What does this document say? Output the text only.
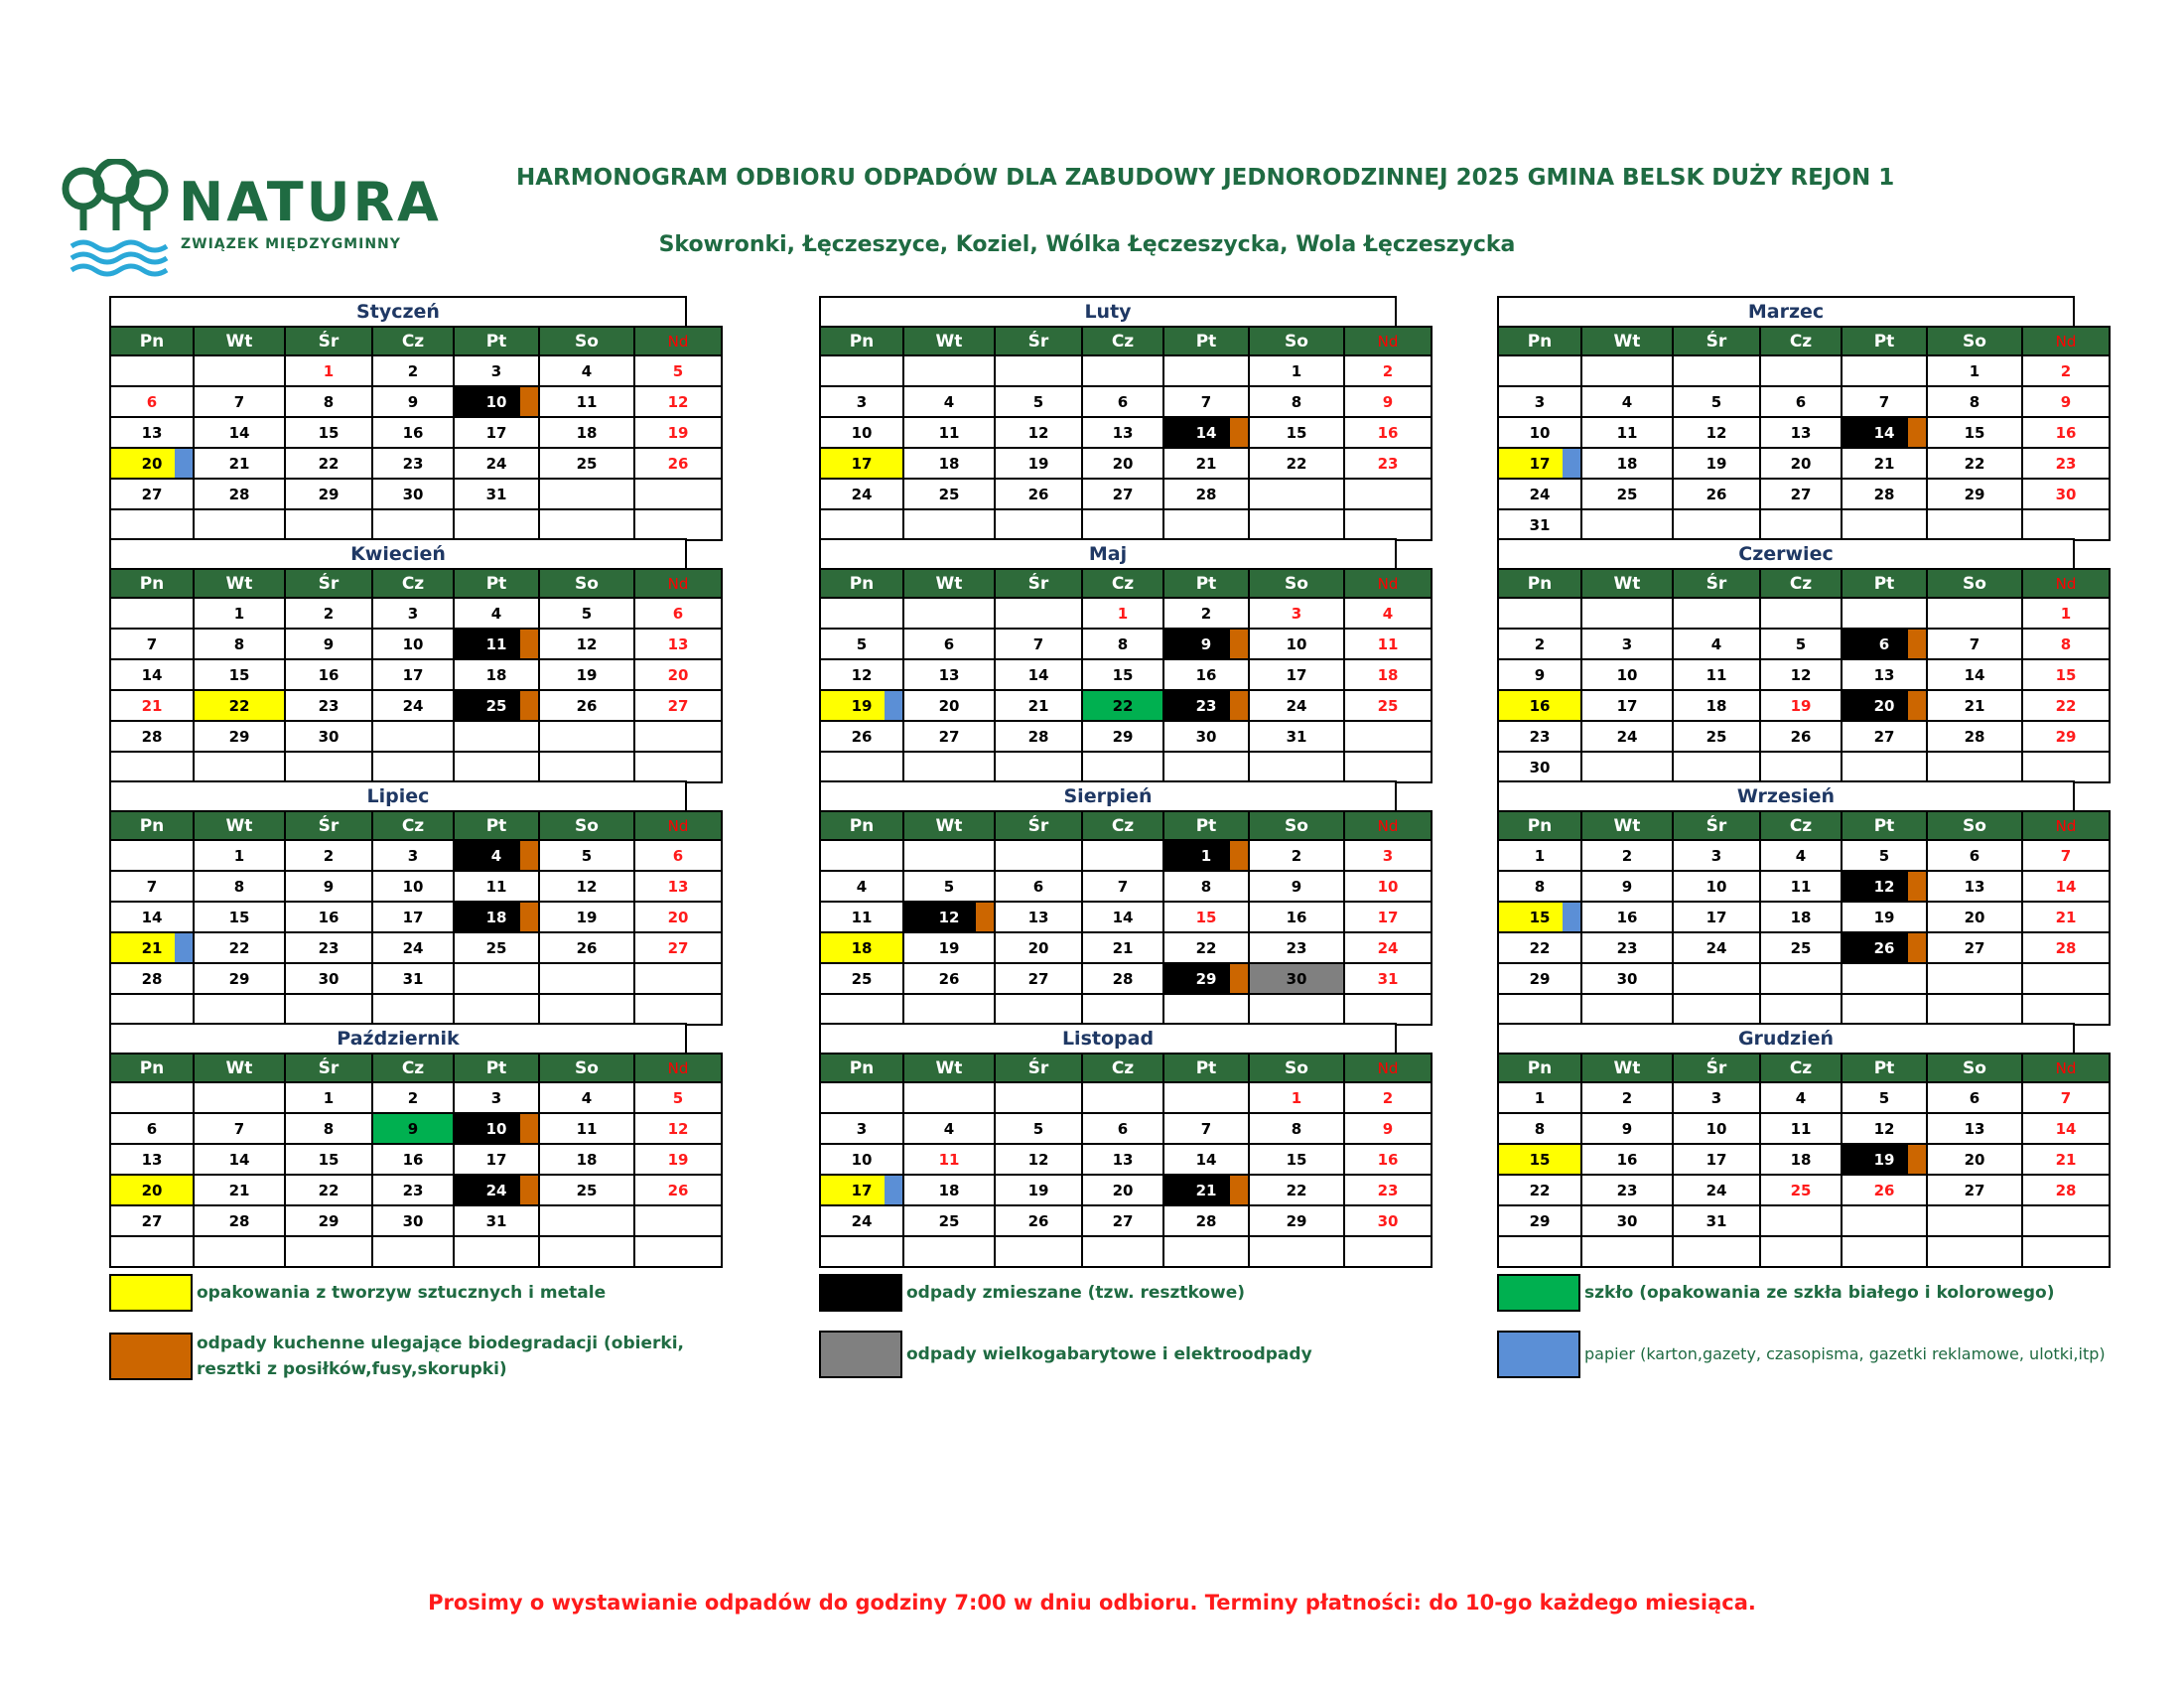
NATURA
ZWIĄZEK MIĘDZYGMINNY
HARMONOGRAM ODBIORU ODPADÓW DLA ZABUDOWY JEDNORODZINNEJ 2025 GMINA BELSK DUŻY REJON 1
Skowronki, Łęczeszyce, Koziel, Wólka Łęczeszycka, Wola Łęczeszycka
Styczeń
Pn	Wt	Śr	Cz	Pt	So	Nd
		1	2	3	4	5
6	7	8	9	10	11	12
13	14	15	16	17	18	19
20	21	22	23	24	25	26
27	28	29	30	31		

Luty
Pn	Wt	Śr	Cz	Pt	So	Nd
					1	2
3	4	5	6	7	8	9
10	11	12	13	14	15	16
17	18	19	20	21	22	23
24	25	26	27	28		

Marzec
Pn	Wt	Śr	Cz	Pt	So	Nd
					1	2
3	4	5	6	7	8	9
10	11	12	13	14	15	16
17	18	19	20	21	22	23
24	25	26	27	28	29	30
31						
Kwiecień
Pn	Wt	Śr	Cz	Pt	So	Nd
	1	2	3	4	5	6
7	8	9	10	11	12	13
14	15	16	17	18	19	20
21	22	23	24	25	26	27
28	29	30				

Maj
Pn	Wt	Śr	Cz	Pt	So	Nd
			1	2	3	4
5	6	7	8	9	10	11
12	13	14	15	16	17	18
19	20	21	22	23	24	25
26	27	28	29	30	31	

Czerwiec
Pn	Wt	Śr	Cz	Pt	So	Nd
						1
2	3	4	5	6	7	8
9	10	11	12	13	14	15
16	17	18	19	20	21	22
23	24	25	26	27	28	29
30						
Lipiec
Pn	Wt	Śr	Cz	Pt	So	Nd
	1	2	3	4	5	6
7	8	9	10	11	12	13
14	15	16	17	18	19	20
21	22	23	24	25	26	27
28	29	30	31			

Sierpień
Pn	Wt	Śr	Cz	Pt	So	Nd
				1	2	3
4	5	6	7	8	9	10
11	12	13	14	15	16	17
18	19	20	21	22	23	24
25	26	27	28	29	30	31

Wrzesień
Pn	Wt	Śr	Cz	Pt	So	Nd
1	2	3	4	5	6	7
8	9	10	11	12	13	14
15	16	17	18	19	20	21
22	23	24	25	26	27	28
29	30					

Październik
Pn	Wt	Śr	Cz	Pt	So	Nd
		1	2	3	4	5
6	7	8	9	10	11	12
13	14	15	16	17	18	19
20	21	22	23	24	25	26
27	28	29	30	31		

Listopad
Pn	Wt	Śr	Cz	Pt	So	Nd
					1	2
3	4	5	6	7	8	9
10	11	12	13	14	15	16
17	18	19	20	21	22	23
24	25	26	27	28	29	30

Grudzień
Pn	Wt	Śr	Cz	Pt	So	Nd
1	2	3	4	5	6	7
8	9	10	11	12	13	14
15	16	17	18	19	20	21
22	23	24	25	26	27	28
29	30	31				

opakowania z tworzyw sztucznych i metale	odpady zmieszane (tzw. resztkowe)	szkło (opakowania ze szkła białego i kolorowego)
odpady kuchenne ulegające biodegradacji (obierki, resztki z posiłków,fusy,skorupki)
odpady wielkogabarytowe i elektroodpady	papier (karton,gazety, czasopisma, gazetki reklamowe, ulotki,itp)
Prosimy o wystawianie odpadów do godziny 7:00 w dniu odbioru. Terminy płatności: do 10-go każdego miesiąca.
